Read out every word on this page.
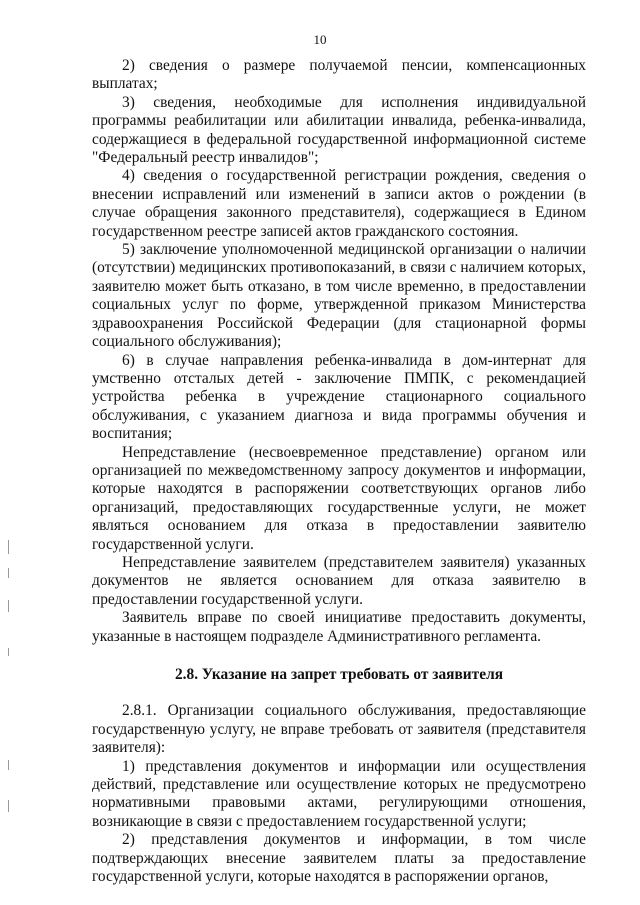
10

2) сведения о размере получаемой пенсии, компенсационных выплатах;

3) сведения, необходимые для исполнения индивидуальной программы реабилитации или абилитации инвалида, ребенка-инвалида, содержащиеся в федеральной государственной информационной системе "Федеральный реестр инвалидов";

4) сведения о государственной регистрации рождения, сведения о внесении исправлений или изменений в записи актов о рождении (в случае обращения законного представителя), содержащиеся в Едином государственном реестре записей актов гражданского состояния.

5) заключение уполномоченной медицинской организации о наличии (отсутствии) медицинских противопоказаний, в связи с наличием которых, заявителю может быть отказано, в том числе временно, в предоставлении социальных услуг по форме, утвержденной приказом Министерства здравоохранения Российской Федерации (для стационарной формы социального обслуживания);

6) в случае направления ребенка-инвалида в дом-интернат для умственно отсталых детей - заключение ПМПК, с рекомендацией устройства ребенка в учреждение стационарного социального обслуживания, с указанием диагноза и вида программы обучения и воспитания;

Непредставление (несвоевременное представление) органом или организацией по межведомственному запросу документов и информации, которые находятся в распоряжении соответствующих органов либо организаций, предоставляющих государственные услуги, не может являться основанием для отказа в предоставлении заявителю государственной услуги.

Непредставление заявителем (представителем заявителя) указанных документов не является основанием для отказа заявителю в предоставлении государственной услуги.

Заявитель вправе по своей инициативе предоставить документы, указанные в настоящем подразделе Административного регламента.

2.8. Указание на запрет требовать от заявителя

2.8.1. Организации социального обслуживания, предоставляющие государственную услугу, не вправе требовать от заявителя (представителя заявителя):

1) представления документов и информации или осуществления действий, представление или осуществление которых не предусмотрено нормативными правовыми актами, регулирующими отношения, возникающие в связи с предоставлением государственной услуги;

2) представления документов и информации, в том числе подтверждающих внесение заявителем платы за предоставление государственной услуги, которые находятся в распоряжении органов,
